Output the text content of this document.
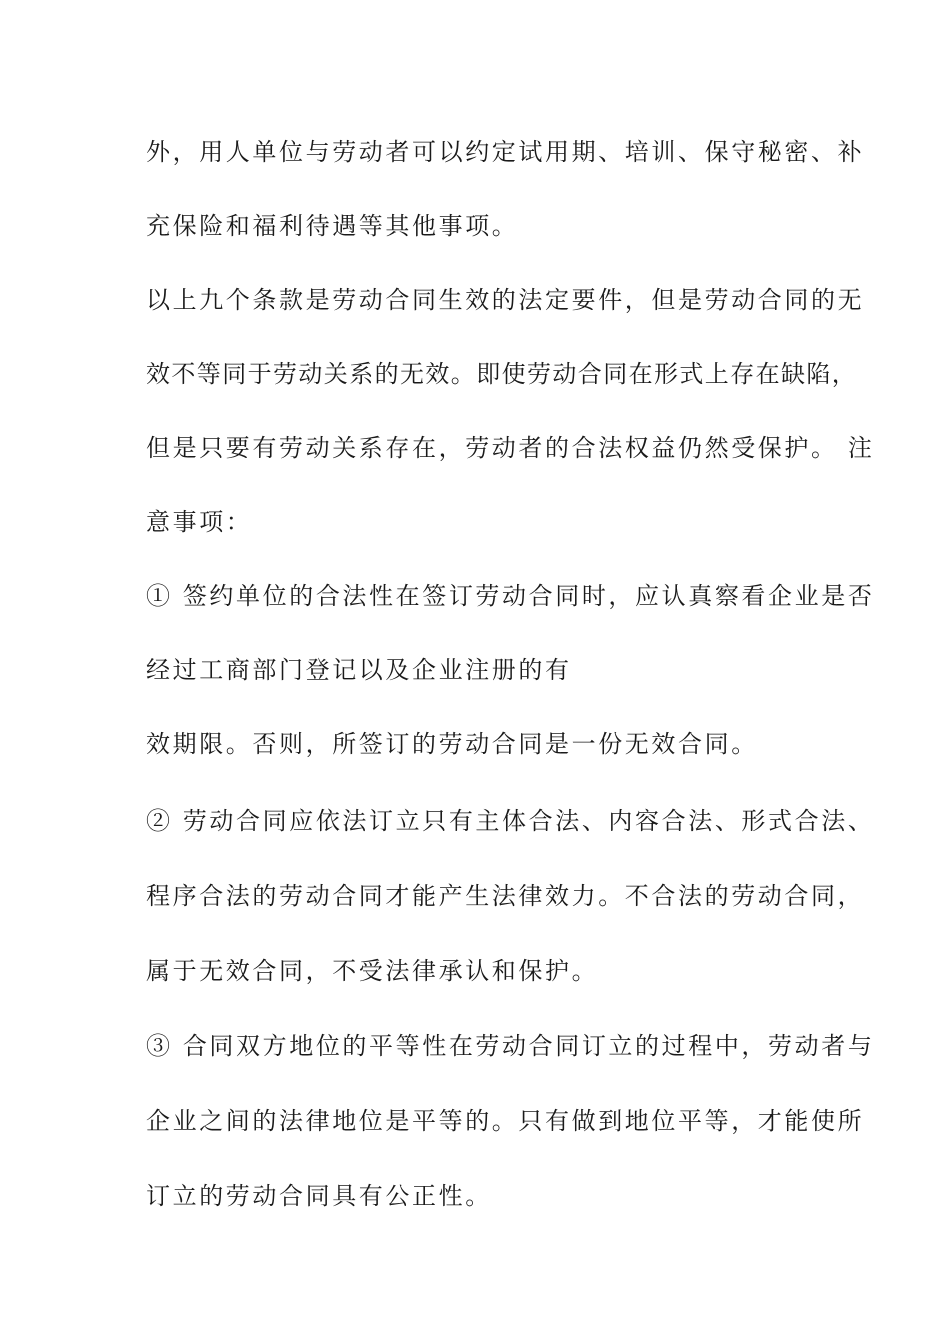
外，用人单位与劳动者可以约定试用期、培训、保守秘密、补
充保险和福利待遇等其他事项。
以上九个条款是劳动合同生效的法定要件，但是劳动合同的无
效不等同于劳动关系的无效。即使劳动合同在形式上存在缺陷，
但是只要有劳动关系存在，劳动者的合法权益仍然受保护。 注
意事项：
① 签约单位的合法性在签订劳动合同时，应认真察看企业是否
经过工商部门登记以及企业注册的有
效期限。否则，所签订的劳动合同是一份无效合同。
② 劳动合同应依法订立只有主体合法、内容合法、形式合法、
程序合法的劳动合同才能产生法律效力。不合法的劳动合同，
属于无效合同，不受法律承认和保护。
③ 合同双方地位的平等性在劳动合同订立的过程中，劳动者与
企业之间的法律地位是平等的。只有做到地位平等，才能使所
订立的劳动合同具有公正性。
